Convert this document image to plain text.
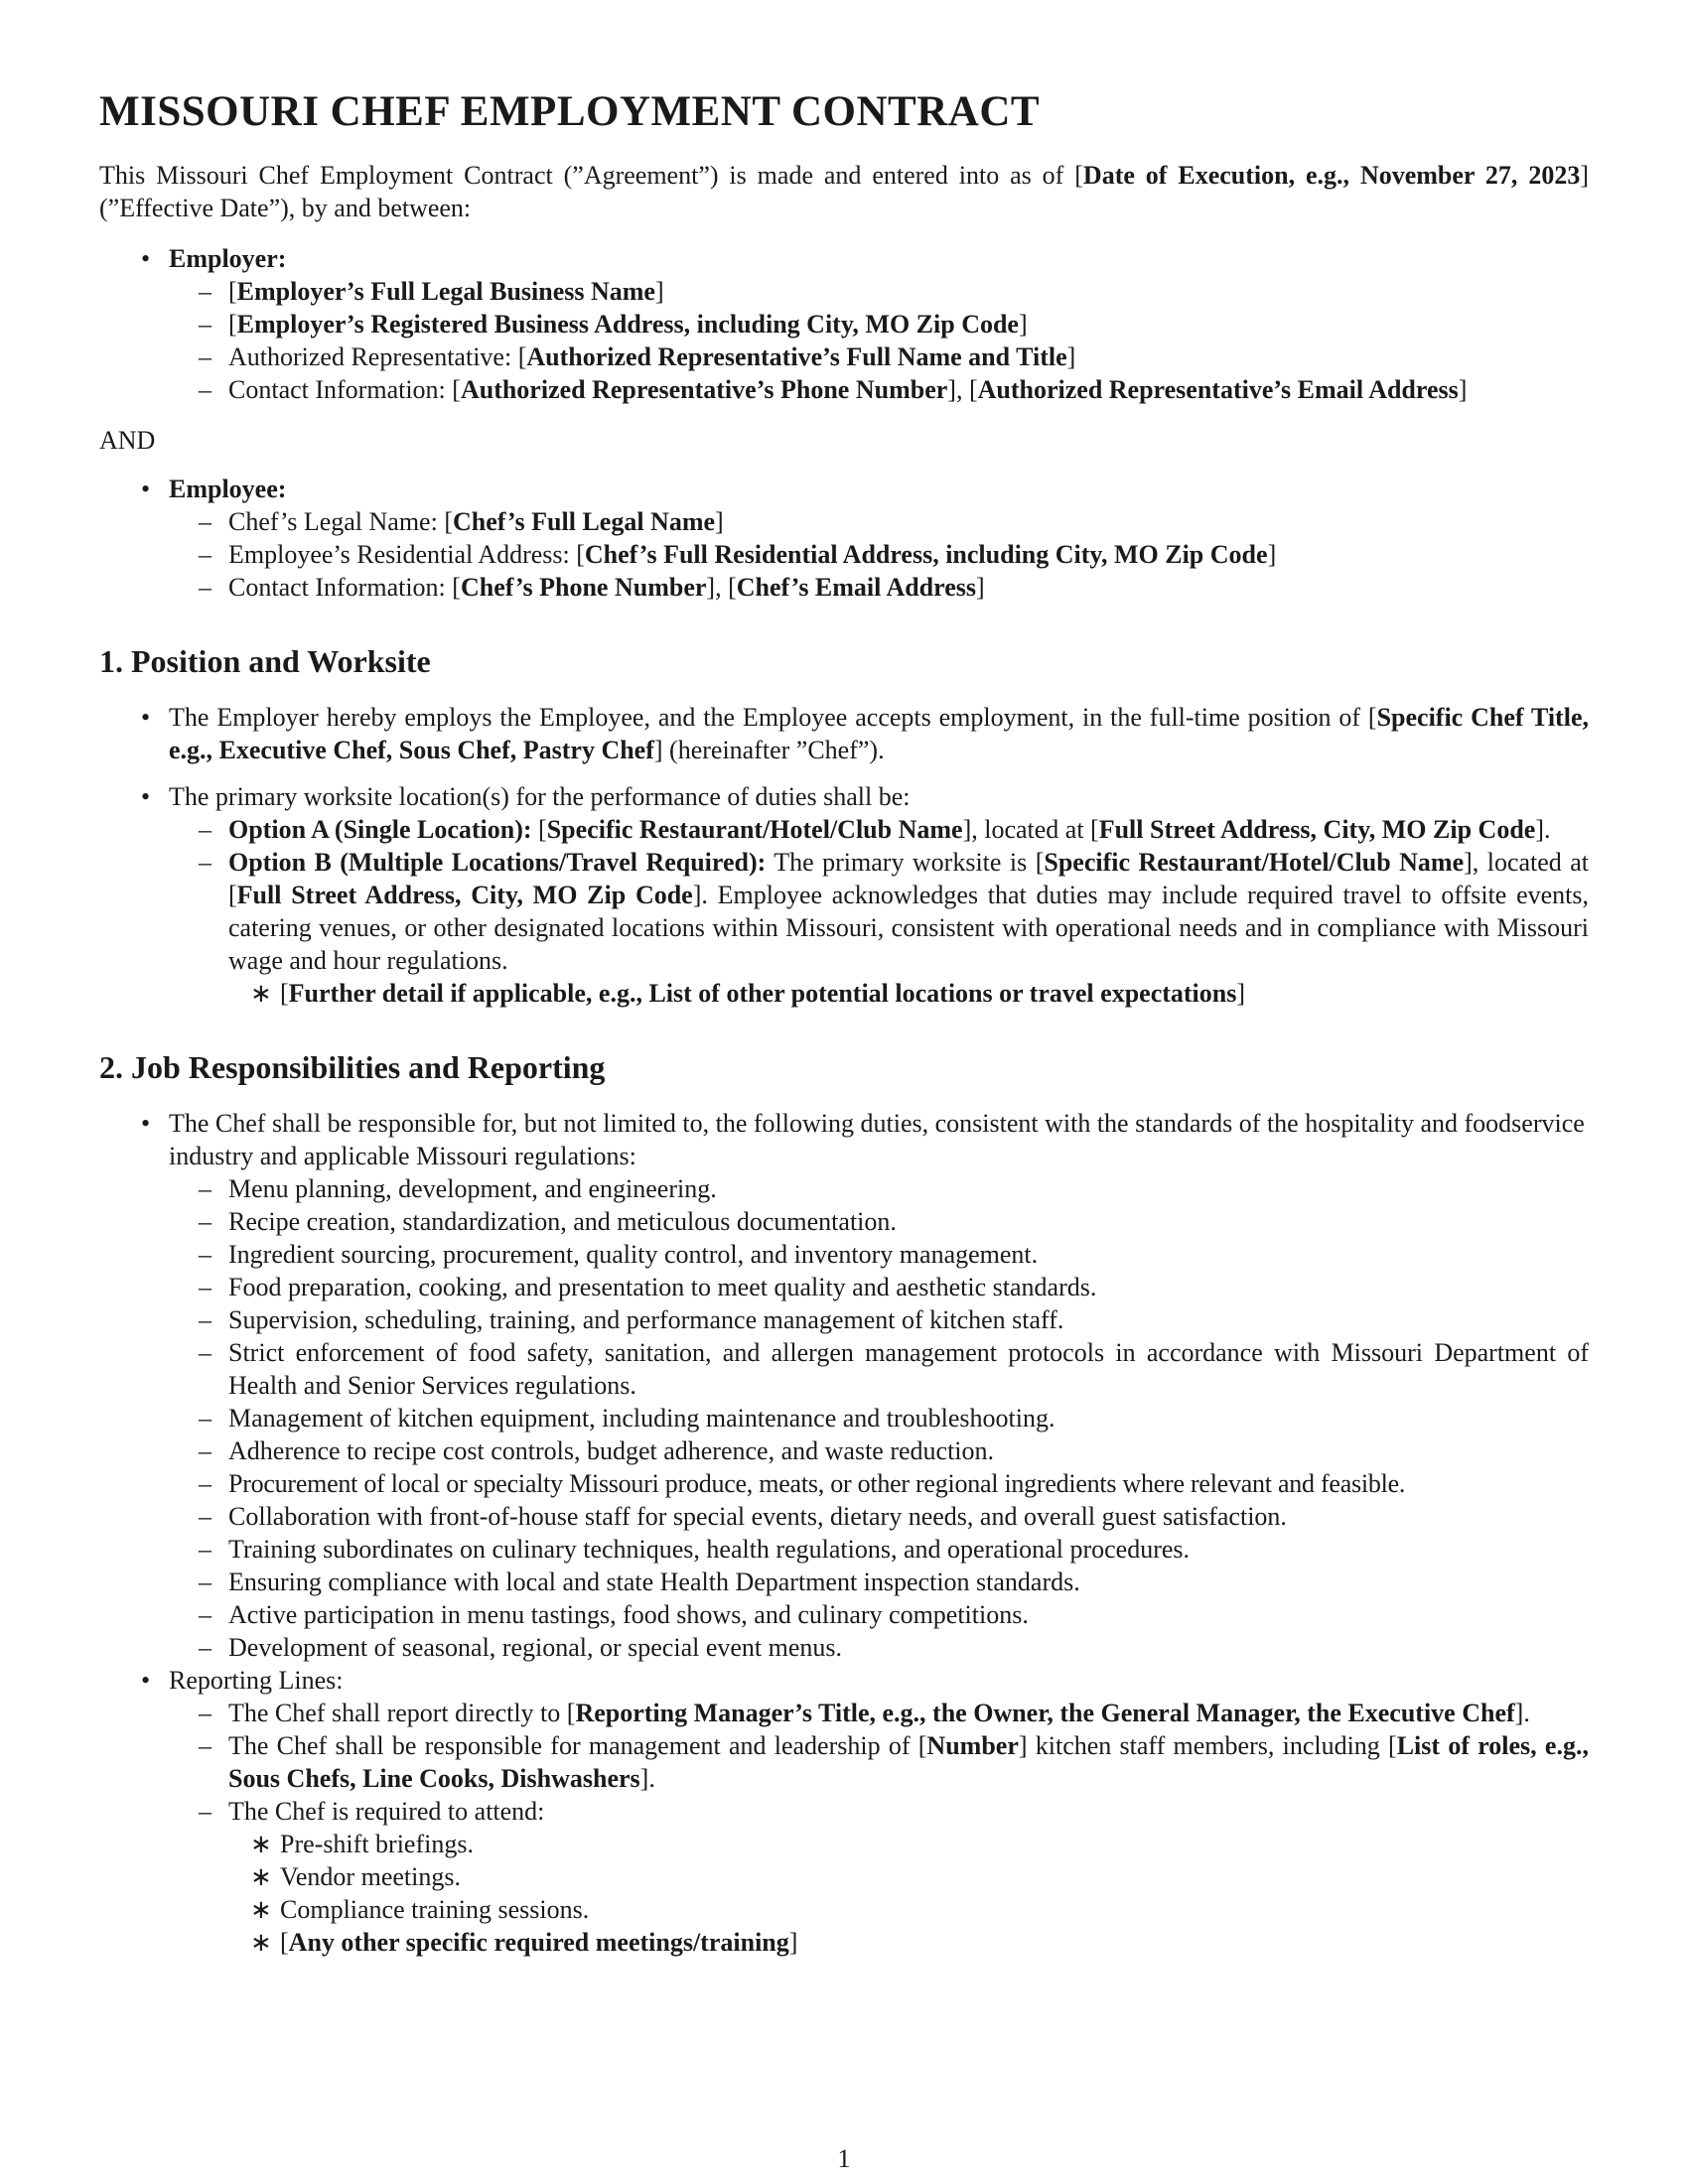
MISSOURI CHEF EMPLOYMENT CONTRACT

This Missouri Chef Employment Contract (”Agreement”) is made and entered into as of [Date of Execution, e.g., November 27, 2023] (”Effective Date”), by and between:

• Employer:
– [Employer’s Full Legal Business Name]
– [Employer’s Registered Business Address, including City, MO Zip Code]
– Authorized Representative: [Authorized Representative’s Full Name and Title]
– Contact Information: [Authorized Representative’s Phone Number], [Authorized Representative’s Email Address]

AND

• Employee:
– Chef’s Legal Name: [Chef’s Full Legal Name]
– Employee’s Residential Address: [Chef’s Full Residential Address, including City, MO Zip Code]
– Contact Information: [Chef’s Phone Number], [Chef’s Email Address]
1. Position and Worksite
• The Employer hereby employs the Employee, and the Employee accepts employment, in the full-time position of [Specific Chef Title, e.g., Executive Chef, Sous Chef, Pastry Chef] (hereinafter ”Chef”).
• The primary worksite location(s) for the performance of duties shall be:
– Option A (Single Location): [Specific Restaurant/Hotel/Club Name], located at [Full Street Address, City, MO Zip Code].
– Option B (Multiple Locations/Travel Required): The primary worksite is [Specific Restaurant/Hotel/Club Name], located at [Full Street Address, City, MO Zip Code]. Employee acknowledges that duties may include required travel to offsite events, catering venues, or other designated locations within Missouri, consistent with operational needs and in compliance with Missouri wage and hour regulations.
∗ [Further detail if applicable, e.g., List of other potential locations or travel expectations]
2. Job Responsibilities and Reporting
• The Chef shall be responsible for, but not limited to, the following duties, consistent with the standards of the hospitality and foodservice industry and applicable Missouri regulations:
– Menu planning, development, and engineering.
– Recipe creation, standardization, and meticulous documentation.
– Ingredient sourcing, procurement, quality control, and inventory management.
– Food preparation, cooking, and presentation to meet quality and aesthetic standards.
– Supervision, scheduling, training, and performance management of kitchen staff.
– Strict enforcement of food safety, sanitation, and allergen management protocols in accordance with Missouri Department of Health and Senior Services regulations.
– Management of kitchen equipment, including maintenance and troubleshooting.
– Adherence to recipe cost controls, budget adherence, and waste reduction.
– Procurement of local or specialty Missouri produce, meats, or other regional ingredients where relevant and feasible.
– Collaboration with front-of-house staff for special events, dietary needs, and overall guest satisfaction.
– Training subordinates on culinary techniques, health regulations, and operational procedures.
– Ensuring compliance with local and state Health Department inspection standards.
– Active participation in menu tastings, food shows, and culinary competitions.
– Development of seasonal, regional, or special event menus.
• Reporting Lines:
– The Chef shall report directly to [Reporting Manager’s Title, e.g., the Owner, the General Manager, the Executive Chef].
– The Chef shall be responsible for management and leadership of [Number] kitchen staff members, including [List of roles, e.g., Sous Chefs, Line Cooks, Dishwashers].
– The Chef is required to attend:
∗ Pre-shift briefings.
∗ Vendor meetings.
∗ Compliance training sessions.
∗ [Any other specific required meetings/training]
1
